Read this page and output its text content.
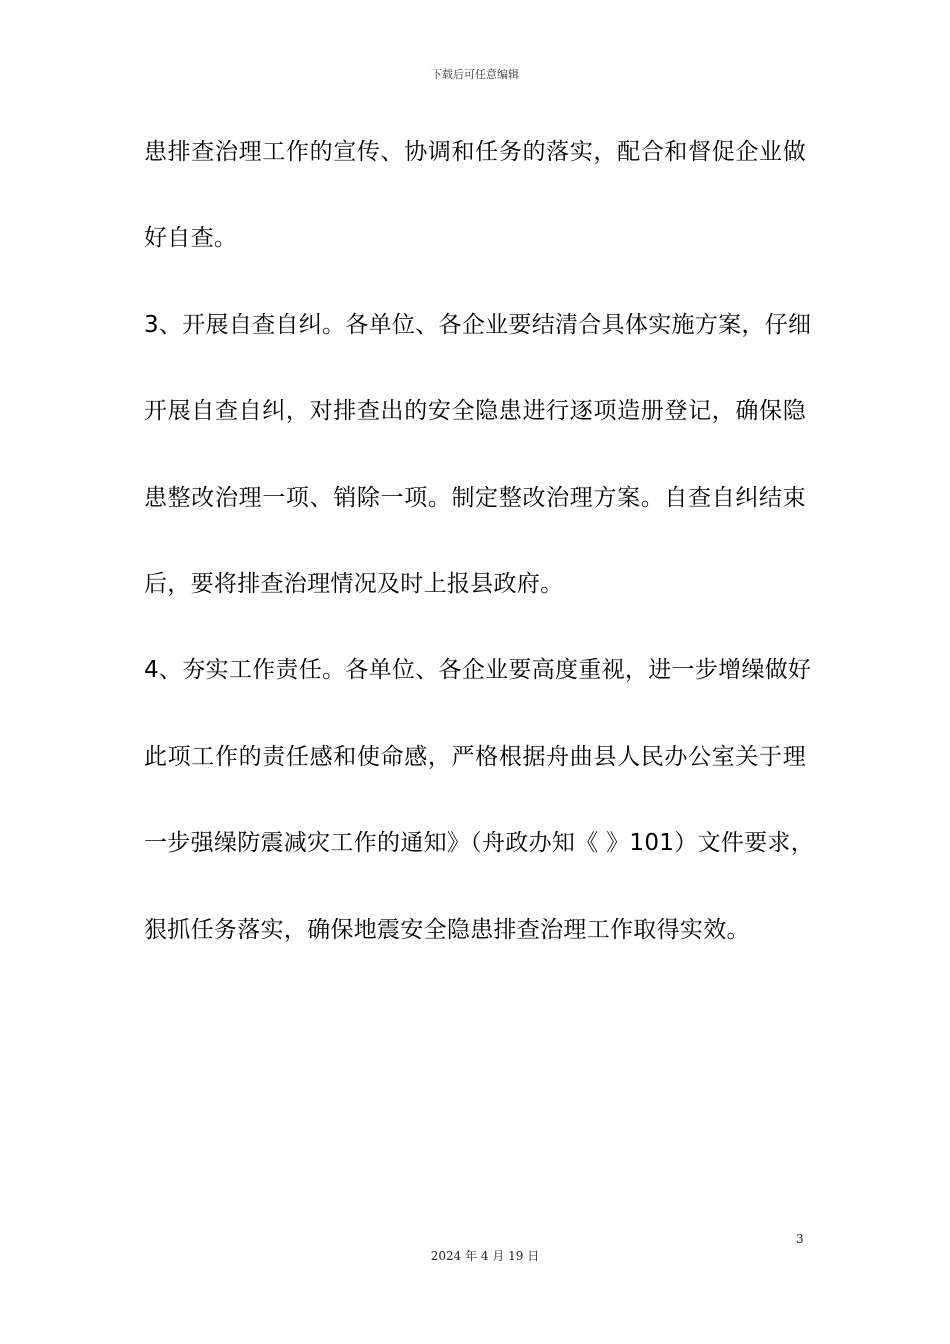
下载后可任意编辑
患排查治理工作的宣传、协调和任务的落实，配合和督促企业做
好自查。
3、开展自查自纠。各单位、各企业要结清合具体实施方案，仔细
开展自查自纠，对排查出的安全隐患进行逐项造册登记，确保隐
患整改治理一项、销除一项。制定整改治理方案。自查自纠结束
后，要将排查治理情况及时上报县政府。
4、夯实工作责任。各单位、各企业要高度重视，进一步增缲做好
此项工作的责任感和使命感，严格根据舟曲县人民办公室关于理
一步强缲防震减灾工作的通知》（舟政办知《 》101）文件要求，
狠抓任务落实，确保地震安全隐患排查治理工作取得实效。
3
2024 年 4 月 19 日
